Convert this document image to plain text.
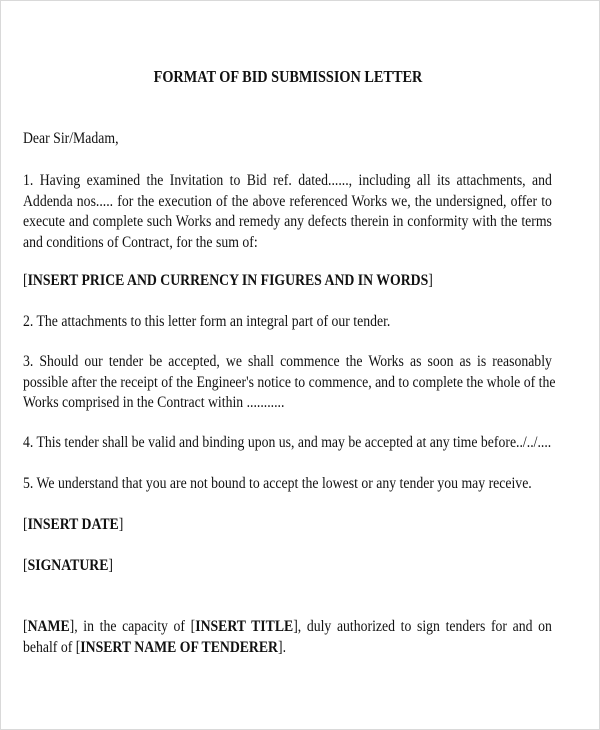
FORMAT OF BID SUBMISSION LETTER
Dear Sir/Madam,
1. Having examined the Invitation to Bid ref. dated......, including all its attachments, and
Addenda nos..... for the execution of the above referenced Works we, the undersigned, offer to
execute and complete such Works and remedy any defects therein in conformity with the terms
and conditions of Contract, for the sum of:
[INSERT PRICE AND CURRENCY IN FIGURES AND IN WORDS]
2. The attachments to this letter form an integral part of our tender.
3. Should our tender be accepted, we shall commence the Works as soon as is reasonably
possible after the receipt of the Engineer's notice to commence, and to complete the whole of the
Works comprised in the Contract within ...........
4. This tender shall be valid and binding upon us, and may be accepted at any time before../../....
5. We understand that you are not bound to accept the lowest or any tender you may receive.
[INSERT DATE]
[SIGNATURE]
[NAME], in the capacity of [INSERT TITLE], duly authorized to sign tenders for and on
behalf of [INSERT NAME OF TENDERER].
